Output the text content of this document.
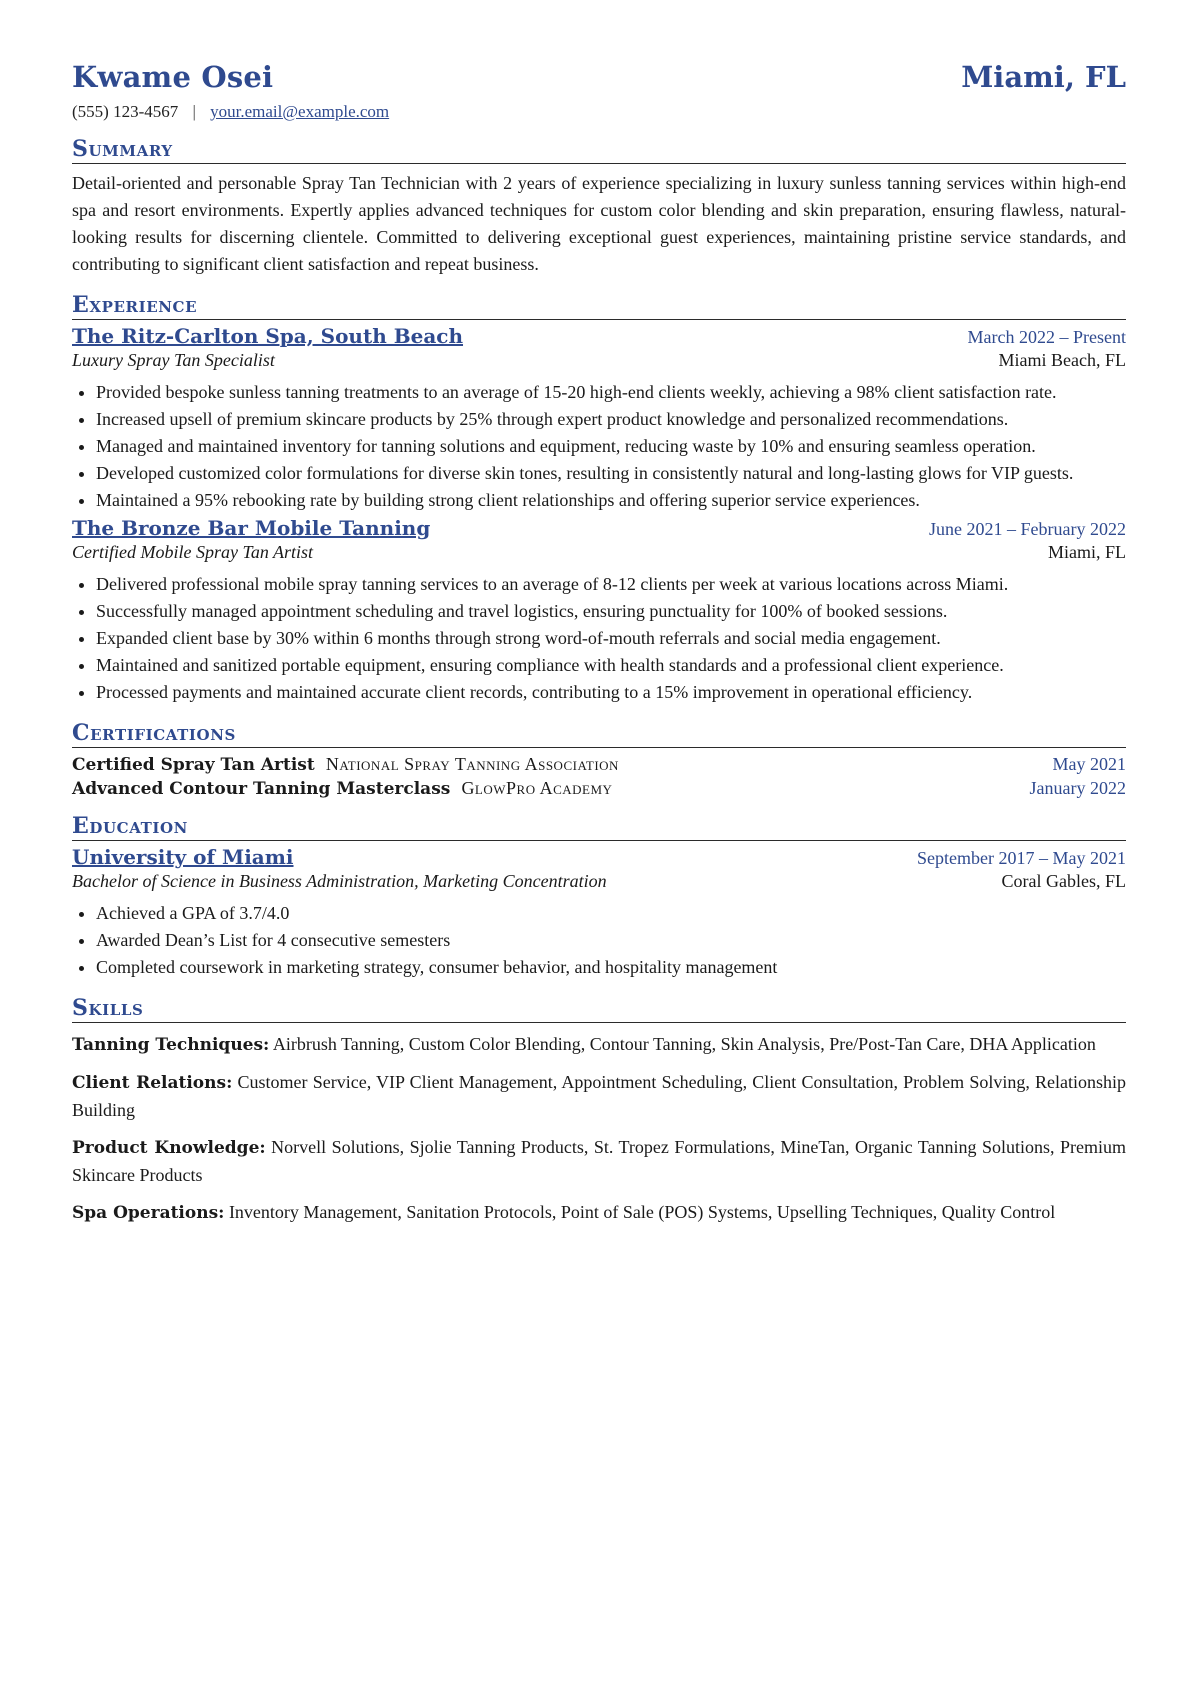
Kwame Osei	Miami, FL
(555) 123-4567 | your.email@example.com
Summary

Detail-oriented and personable Spray Tan Technician with 2 years of experience specializing in luxury sunless tanning services within high-end spa and resort environments. Expertly applies advanced techniques for custom color blending and skin preparation, ensuring flawless, natural-looking results for discerning clientele. Committed to delivering exceptional guest experiences, maintaining pristine service standards, and contributing to significant client satisfaction and repeat business.

Experience
The Ritz-Carlton Spa, South Beach	March 2022 – Present
Luxury Spray Tan Specialist	Miami Beach, FL
• Provided bespoke sunless tanning treatments to an average of 15-20 high-end clients weekly, achieving a 98% client satisfaction rate.
• Increased upsell of premium skincare products by 25% through expert product knowledge and personalized recommendations.
• Managed and maintained inventory for tanning solutions and equipment, reducing waste by 10% and ensuring seamless operation.
• Developed customized color formulations for diverse skin tones, resulting in consistently natural and long-lasting glows for VIP guests.
• Maintained a 95% rebooking rate by building strong client relationships and offering superior service experiences.
The Bronze Bar Mobile Tanning	June 2021 – February 2022
Certified Mobile Spray Tan Artist	Miami, FL
• Delivered professional mobile spray tanning services to an average of 8-12 clients per week at various locations across Miami.
• Successfully managed appointment scheduling and travel logistics, ensuring punctuality for 100% of booked sessions.
• Expanded client base by 30% within 6 months through strong word-of-mouth referrals and social media engagement.
• Maintained and sanitized portable equipment, ensuring compliance with health standards and a professional client experience.
• Processed payments and maintained accurate client records, contributing to a 15% improvement in operational efficiency.
Certifications
Certified Spray Tan Artist National Spray Tanning Association	May 2021
Advanced Contour Tanning Masterclass GlowPro Academy	January 2022
Education
University of Miami	September 2017 – May 2021
Bachelor of Science in Business Administration, Marketing Concentration	Coral Gables, FL
• Achieved a GPA of 3.7/4.0
• Awarded Dean’s List for 4 consecutive semesters
• Completed coursework in marketing strategy, consumer behavior, and hospitality management
Skills

Tanning Techniques: Airbrush Tanning, Custom Color Blending, Contour Tanning, Skin Analysis, Pre/Post-Tan Care, DHA Application

Client Relations: Customer Service, VIP Client Management, Appointment Scheduling, Client Consultation, Problem Solving, Relationship Building

Product Knowledge: Norvell Solutions, Sjolie Tanning Products, St. Tropez Formulations, MineTan, Organic Tanning Solutions, Premium Skincare Products

Spa Operations: Inventory Management, Sanitation Protocols, Point of Sale (POS) Systems, Upselling Techniques, Quality Control
